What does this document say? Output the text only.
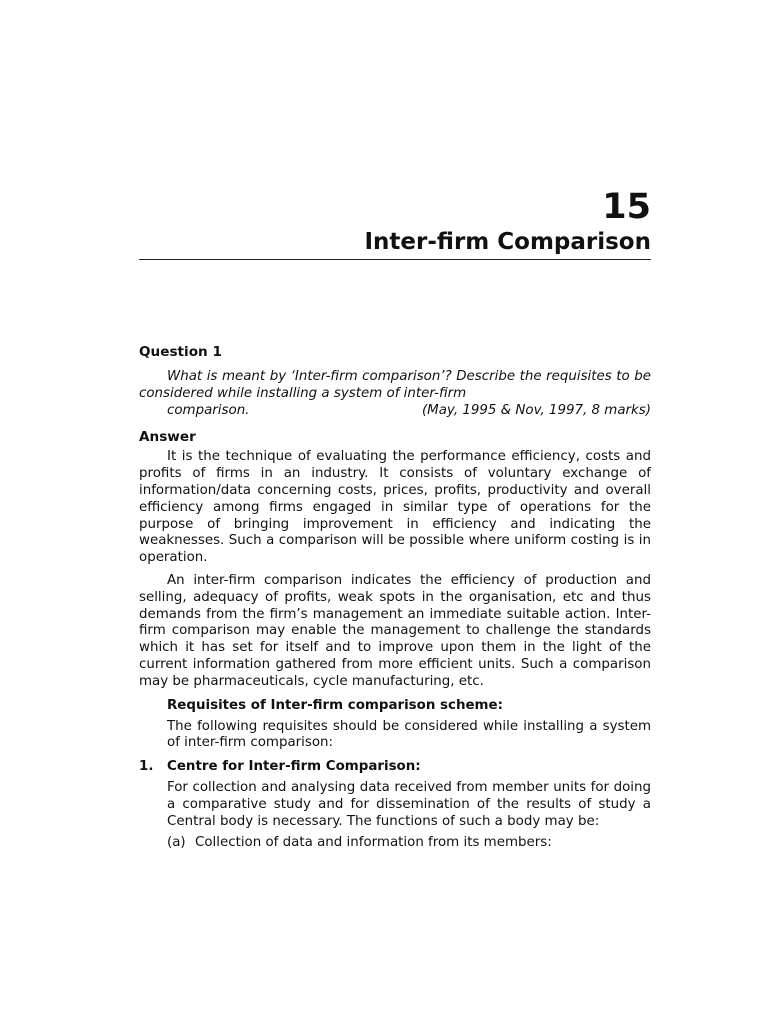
15
Inter-firm Comparison

Question 1

What is meant by ‘Inter-firm comparison’? Describe the requisites to be considered while installing a system of inter-firm
comparison.	(May, 1995 & Nov, 1997, 8 marks)

Answer

It is the technique of evaluating the performance efficiency, costs and profits of firms in an industry. It consists of voluntary exchange of information/data concerning costs, prices, profits, productivity and overall efficiency among firms engaged in similar type of operations for the purpose of bringing improvement in efficiency and indicating the weaknesses. Such a comparison will be possible where uniform costing is in operation.

An inter-firm comparison indicates the efficiency of production and selling, adequacy of profits, weak spots in the organisation, etc and thus demands from the firm’s management an immediate suitable action. Inter-firm comparison may enable the management to challenge the standards which it has set for itself and to improve upon them in the light of the current information gathered from more efficient units. Such a comparison may be pharmaceuticals, cycle manufacturing, etc.

Requisites of Inter-firm comparison scheme:

The following requisites should be considered while installing a system of inter-firm comparison:

1.	Centre for Inter-firm Comparison:

For collection and analysing data received from member units for doing a comparative study and for dissemination of the results of study a Central body is necessary. The functions of such a body may be:

(a) Collection of data and information from its members:
